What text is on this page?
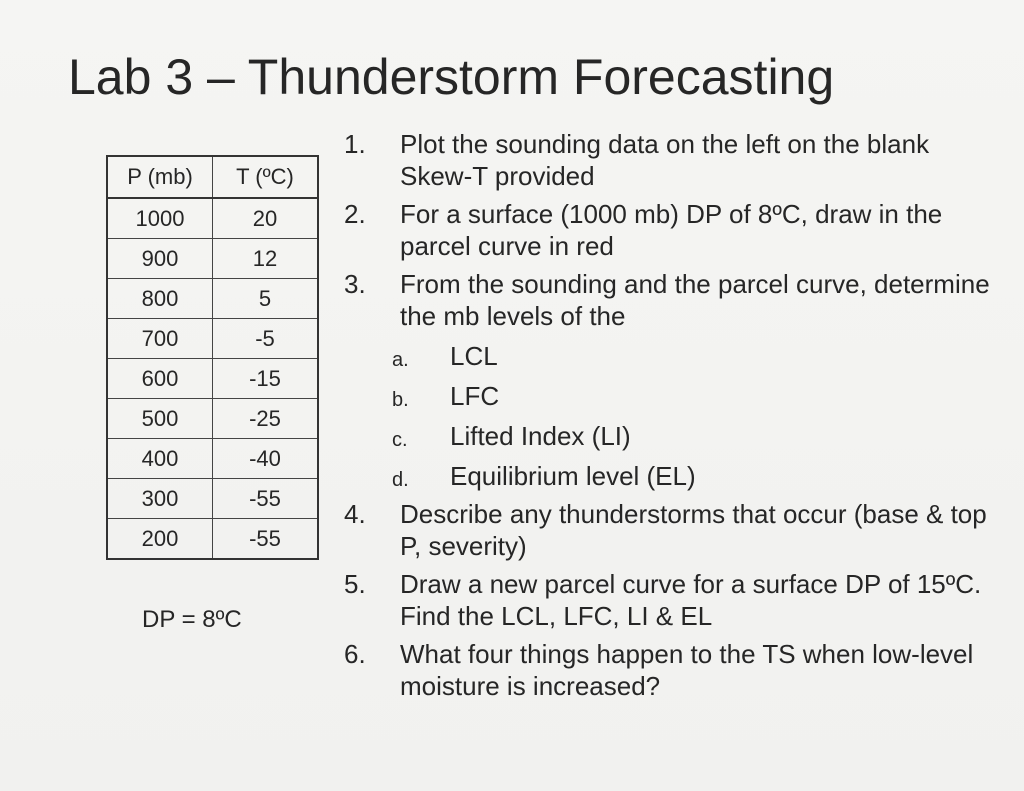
Lab 3 – Thunderstorm Forecasting
P (mb)	T (ºC)
1000	20
900	12
800	5
700	-5
600	-15
500	-25
400	-40
300	-55
200	-55
DP = 8ºC
1. Plot the sounding data on the left on the blank Skew-T provided
2. For a surface (1000 mb) DP of 8ºC, draw in the parcel curve in red
3. From the sounding and the parcel curve, determine the mb levels of the
a. LCL
b. LFC
c. Lifted Index (LI)
d. Equilibrium level (EL)
4. Describe any thunderstorms that occur (base & top P, severity)
5. Draw a new parcel curve for a surface DP of 15ºC. Find the LCL, LFC, LI & EL
6. What four things happen to the TS when low-level moisture is increased?
